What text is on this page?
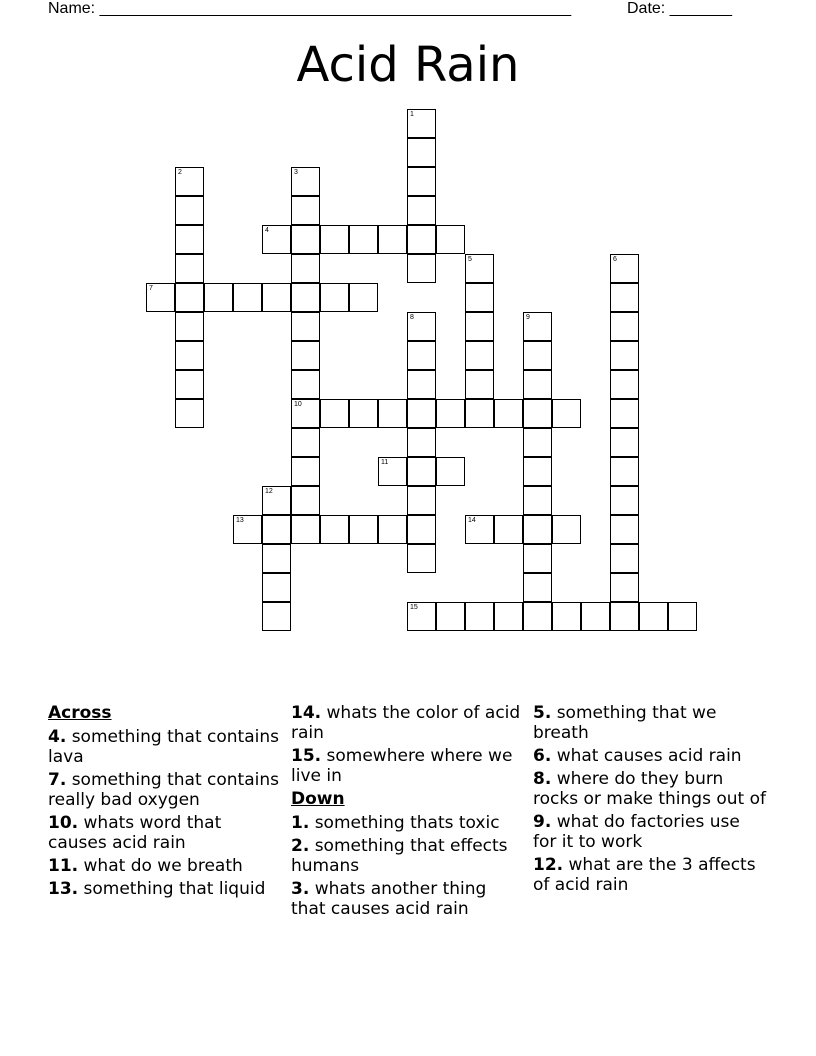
Name: _____________________________________________________	Date: _______
Acid Rain
1
2	3
10
4
5	6
7
8	9
11
12
13	14
15
Across
4. something that contains lava
7. something that contains really bad oxygen
10. whats word that causes acid rain
11. what do we breath
13. something that liquid
14. whats the color of acid rain
15. somewhere where we live in
Down
1. something thats toxic
2. something that effects humans
3. whats another thing that causes acid rain
5. something that we breath
6. what causes acid rain
8. where do they burn rocks or make things out of
9. what do factories use for it to work
12. what are the 3 affects of acid rain
